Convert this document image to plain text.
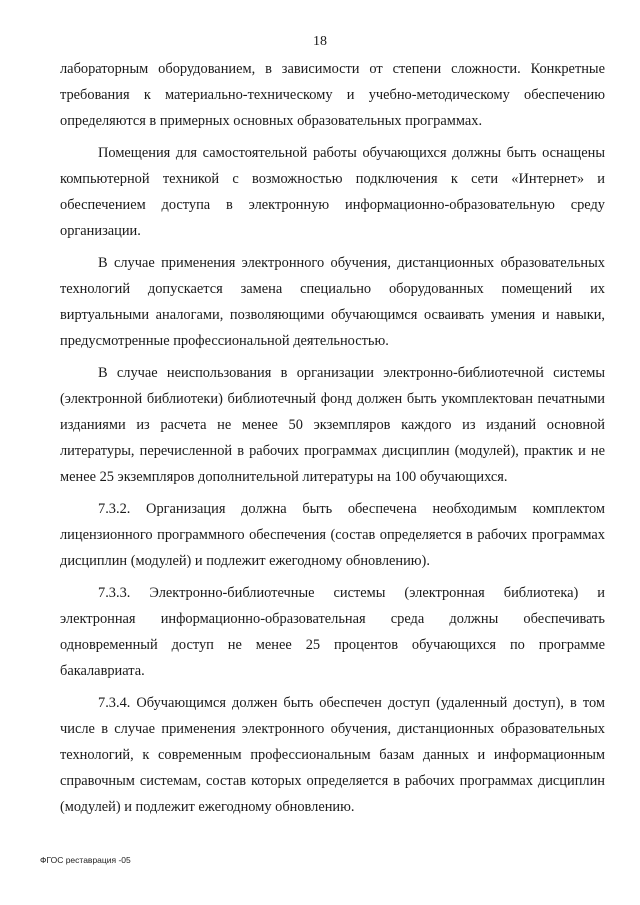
18

лабораторным оборудованием, в зависимости от степени сложности. Конкретные требования к материально-техническому и учебно-методическому обеспечению определяются в примерных основных образовательных программах.

Помещения для самостоятельной работы обучающихся должны быть оснащены компьютерной техникой с возможностью подключения к сети «Интернет» и обеспечением доступа в электронную информационно-образовательную среду организации.

В случае применения электронного обучения, дистанционных образовательных технологий допускается замена специально оборудованных помещений их виртуальными аналогами, позволяющими обучающимся осваивать умения и навыки, предусмотренные профессиональной деятельностью.

В случае неиспользования в организации электронно-библиотечной системы (электронной библиотеки) библиотечный фонд должен быть укомплектован печатными изданиями из расчета не менее 50 экземпляров каждого из изданий основной литературы, перечисленной в рабочих программах дисциплин (модулей), практик и не менее 25 экземпляров дополнительной литературы на 100 обучающихся.

7.3.2. Организация должна быть обеспечена необходимым комплектом лицензионного программного обеспечения (состав определяется в рабочих программах дисциплин (модулей) и подлежит ежегодному обновлению).

7.3.3. Электронно-библиотечные системы (электронная библиотека) и электронная информационно-образовательная среда должны обеспечивать одновременный доступ не менее 25 процентов обучающихся по программе бакалавриата.

7.3.4. Обучающимся должен быть обеспечен доступ (удаленный доступ), в том числе в случае применения электронного обучения, дистанционных образовательных технологий, к современным профессиональным базам данных и информационным справочным системам, состав которых определяется в рабочих программах дисциплин (модулей) и подлежит ежегодному обновлению.

ФГОС реставрация -05
